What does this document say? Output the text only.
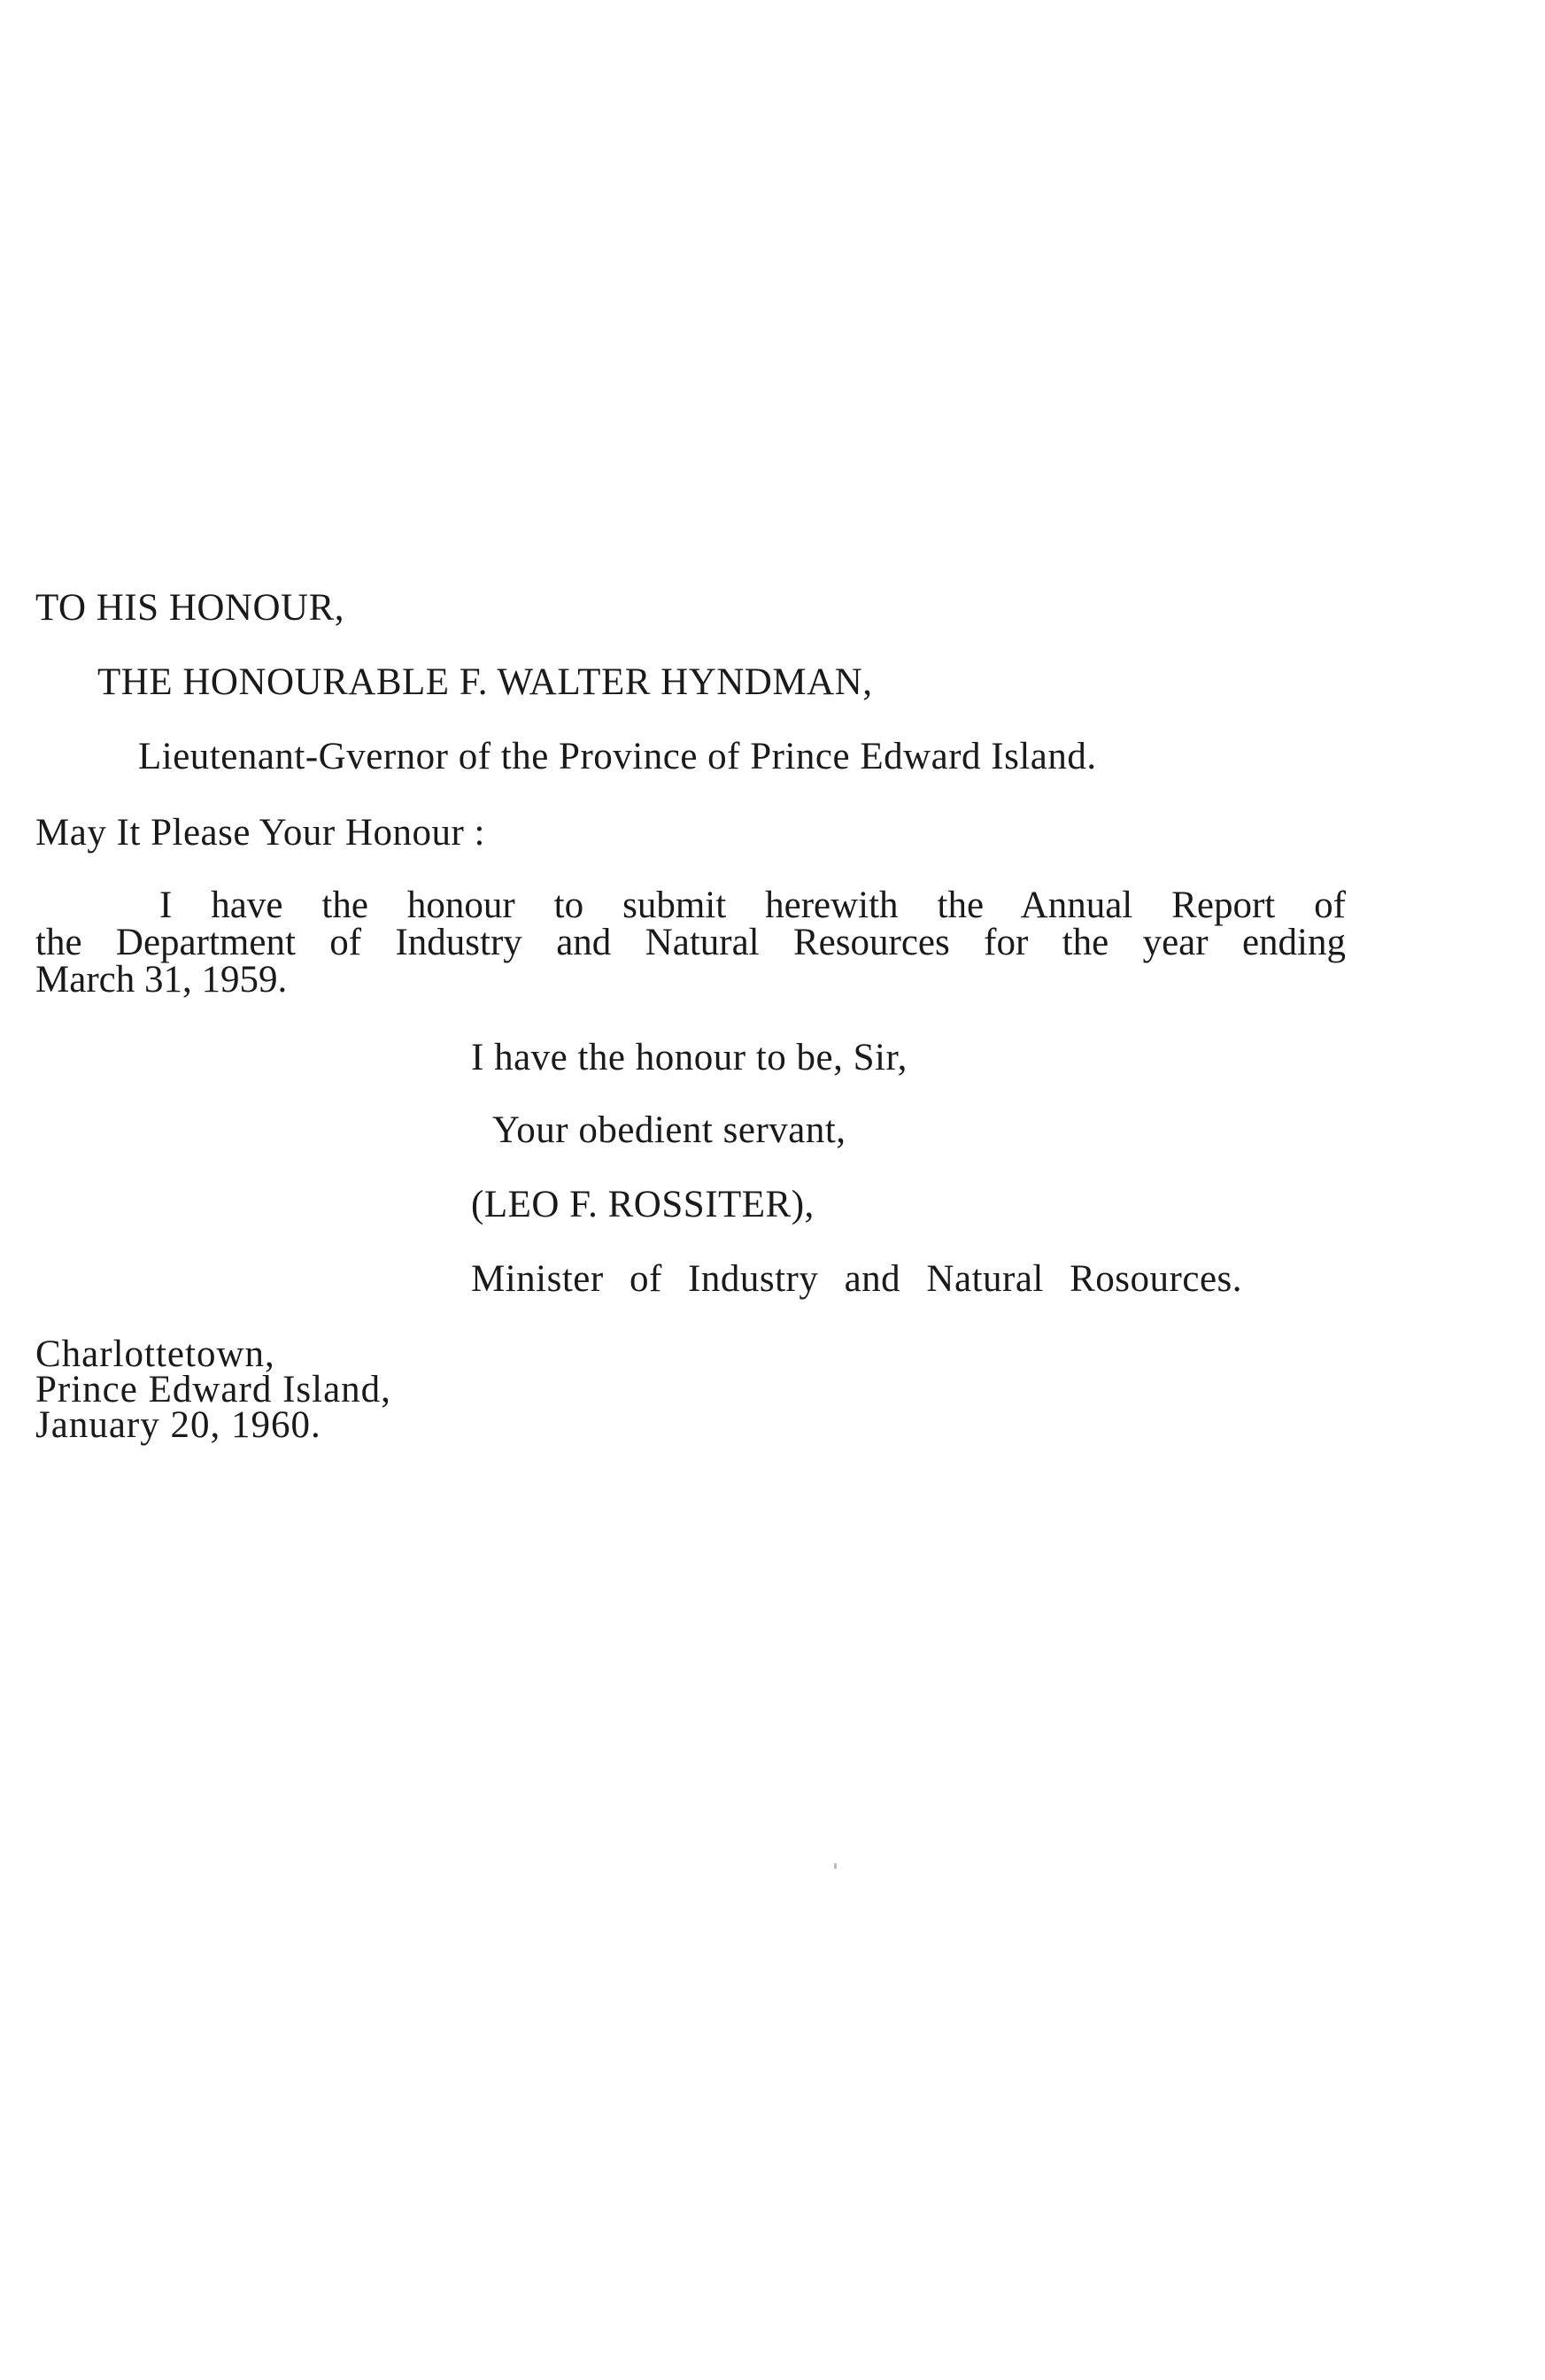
TO HIS HONOUR,

THE HONOURABLE F. WALTER HYNDMAN,

Lieutenant-Gvernor of the Province of Prince Edward Island.

May It Please Your Honour :

I have the honour to submit herewith the Annual Report of
the Department of Industry and Natural Resources for the year ending
March 31, 1959.

I have the honour to be, Sir,

Your obedient servant,

(LEO F. ROSSITER),

Minister of Industry and Natural Rosources.

Charlottetown,
Prince Edward Island,
January 20, 1960.
